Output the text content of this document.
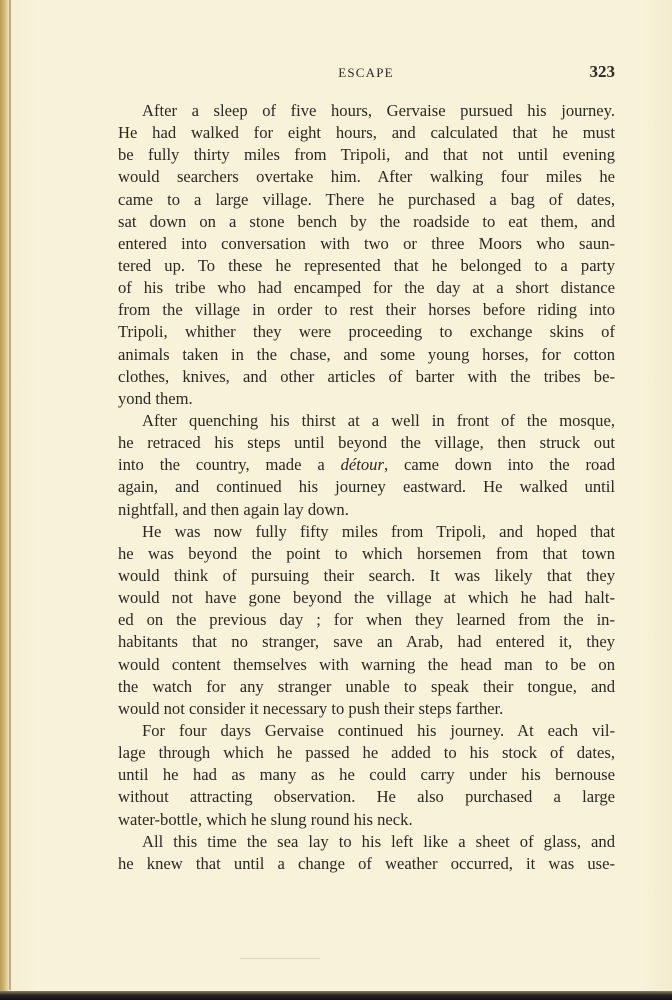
ESCAPE	323

After a sleep of five hours, Gervaise pursued his journey.
He had walked for eight hours, and calculated that he must
be fully thirty miles from Tripoli, and that not until evening
would searchers overtake him. After walking four miles he
came to a large village. There he purchased a bag of dates,
sat down on a stone bench by the roadside to eat them, and
entered into conversation with two or three Moors who saun-
tered up. To these he represented that he belonged to a party
of his tribe who had encamped for the day at a short distance
from the village in order to rest their horses before riding into
Tripoli, whither they were proceeding to exchange skins of
animals taken in the chase, and some young horses, for cotton
clothes, knives, and other articles of barter with the tribes be-
yond them.

After quenching his thirst at a well in front of the mosque,
he retraced his steps until beyond the village, then struck out
into the country, made a détour, came down into the road
again, and continued his journey eastward. He walked until
nightfall, and then again lay down.

He was now fully fifty miles from Tripoli, and hoped that
he was beyond the point to which horsemen from that town
would think of pursuing their search. It was likely that they
would not have gone beyond the village at which he had halt-
ed on the previous day ; for when they learned from the in-
habitants that no stranger, save an Arab, had entered it, they
would content themselves with warning the head man to be on
the watch for any stranger unable to speak their tongue, and
would not consider it necessary to push their steps farther.

For four days Gervaise continued his journey. At each vil-
lage through which he passed he added to his stock of dates,
until he had as many as he could carry under his bernouse
without attracting observation. He also purchased a large
water-bottle, which he slung round his neck.

All this time the sea lay to his left like a sheet of glass, and
he knew that until a change of weather occurred, it was use-
